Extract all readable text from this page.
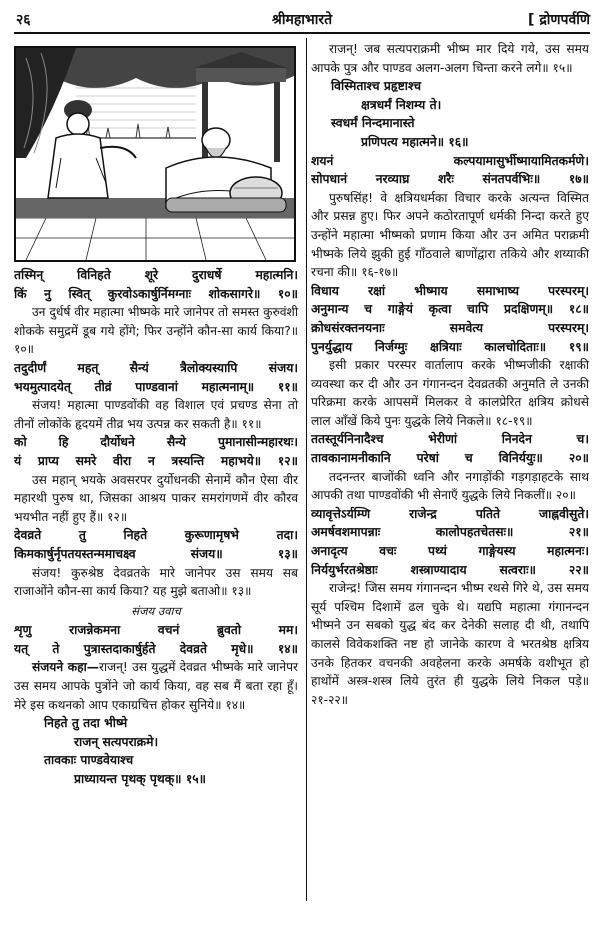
२६	श्रीमहाभारते	[ द्रोणपर्वणि
तस्मिन् विनिहते शूरे दुराधर्षे महात्मनि।
किं नु स्वित् कुरवोऽकार्षुर्निमग्नाः शोकसागरे॥ १०॥

उन दुर्धर्ष वीर महात्मा भीष्मके मारे जानेपर तो समस्त कुरुवंशी शोकके समुद्रमें डूब गये होंगे; फिर उन्होंने कौन-सा कार्य किया?॥ १०॥

तदुदीर्णं महत् सैन्यं त्रैलोक्यस्यापि संजय।
भयमुत्पादयेत् तीव्रं पाण्डवानां महात्मनाम्॥ ११॥

संजय! महात्मा पाण्डवोंकी वह विशाल एवं प्रचण्ड सेना तो तीनों लोकोंके हृदयमें तीव्र भय उत्पन्न कर सकती है॥ ११॥

को हि दौर्योधने सैन्ये पुमानासीन्महारथः।
यं प्राप्य समरे वीरा न त्रस्यन्ति महाभये॥ १२॥

उस महान् भयके अवसरपर दुर्योधनकी सेनामें कौन ऐसा वीर महारथी पुरुष था, जिसका आश्रय पाकर समरांगणमें वीर कौरव भयभीत नहीं हुए हैं॥ १२॥

देवव्रते तु निहते कुरूणामृषभे तदा।
किमकार्षुर्नृपतयस्तन्ममाचक्ष्व संजय॥ १३॥

संजय! कुरुश्रेष्ठ देवव्रतके मारे जानेपर उस समय सब राजाओंने कौन-सा कार्य किया? यह मुझे बताओ॥ १३॥

संजय उवाच
शृणु राजन्नेकमना वचनं ब्रुवतो मम।
यत् ते पुत्रास्तदाकार्षुर्हते देवव्रते मृधे॥ १४॥

संजयने कहा—राजन्! उस युद्धमें देवव्रत भीष्मके मारे जानेपर उस समय आपके पुत्रोंने जो कार्य किया, वह सब मैं बता रहा हूँ। मेरे इस कथनको आप एकाग्रचित्त होकर सुनिये॥ १४॥

निहते तु तदा भीष्मे
राजन् सत्यपराक्रमे।
तावकाः पाण्डवेयाश्च
प्राध्यायन्त पृथक् पृथक्॥ १५॥

राजन्! जब सत्यपराक्रमी भीष्म मार दिये गये, उस समय आपके पुत्र और पाण्डव अलग-अलग चिन्ता करने लगे॥ १५॥

विस्मिताश्च प्रहृष्टाश्च
क्षत्रधर्मं निशम्य ते।
स्वधर्मं निन्दमानास्ते
प्रणिपत्य महात्मने॥ १६॥
शयनं कल्पयामासुर्भीष्मायामितकर्मणे।
सोपधानं नरव्याघ्र शरैः संनतपर्वभिः॥ १७॥

पुरुषसिंह! वे क्षत्रियधर्मका विचार करके अत्यन्त विस्मित और प्रसन्न हुए। फिर अपने कठोरतापूर्ण धर्मकी निन्दा करते हुए उन्होंने महात्मा भीष्मको प्रणाम किया और उन अमित पराक्रमी भीष्मके लिये झुकी हुई गाँठवाले बाणोंद्वारा तकिये और शय्याकी रचना की॥ १६-१७॥

विधाय रक्षां भीष्माय समाभाष्य परस्परम्।
अनुमान्य च गाङ्गेयं कृत्वा चापि प्रदक्षिणम्॥ १८॥
क्रोधसंरक्तनयनाः समवेत्य परस्परम्।
पुनर्युद्धाय निर्जग्मुः क्षत्रियाः कालचोदिताः॥ १९॥

इसी प्रकार परस्पर वार्तालाप करके भीष्मजीकी रक्षाकी व्यवस्था कर दी और उन गंगानन्दन देवव्रतकी अनुमति ले उनकी परिक्रमा करके आपसमें मिलकर वे कालप्रेरित क्षत्रिय क्रोधसे लाल आँखें किये पुनः युद्धके लिये निकले॥ १८-१९॥

ततस्तूर्यनिनादैश्च भेरीणां निनदेन च।
तावकानामनीकानि परेषां च विनिर्ययुः॥ २०॥

तदनन्तर बाजोंकी ध्वनि और नगाड़ोंकी गड़गड़ाहटके साथ आपकी तथा पाण्डवोंकी भी सेनाएँ युद्धके लिये निकलीं॥ २०॥

व्यावृत्तेऽर्यम्णि राजेन्द्र पतिते जाह्नवीसुते।
अमर्षवशमापन्नाः कालोपहतचेतसः॥ २१॥
अनादृत्य वचः पथ्यं गाङ्गेयस्य महात्मनः।
निर्ययुर्भरतश्रेष्ठाः शस्त्राण्यादाय सत्वराः॥ २२॥

राजेन्द्र! जिस समय गंगानन्दन भीष्म रथसे गिरे थे, उस समय सूर्य पश्चिम दिशामें ढल चुके थे। यद्यपि महात्मा गंगानन्दन भीष्मने उन सबको युद्ध बंद कर देनेकी सलाह दी थी, तथापि कालसे विवेकशक्ति नष्ट हो जानेके कारण वे भरतश्रेष्ठ क्षत्रिय उनके हितकर वचनकी अवहेलना करके अमर्षके वशीभूत हो हाथोंमें अस्त्र-शस्त्र लिये तुरंत ही युद्धके लिये निकल पड़े॥ २१-२२॥
